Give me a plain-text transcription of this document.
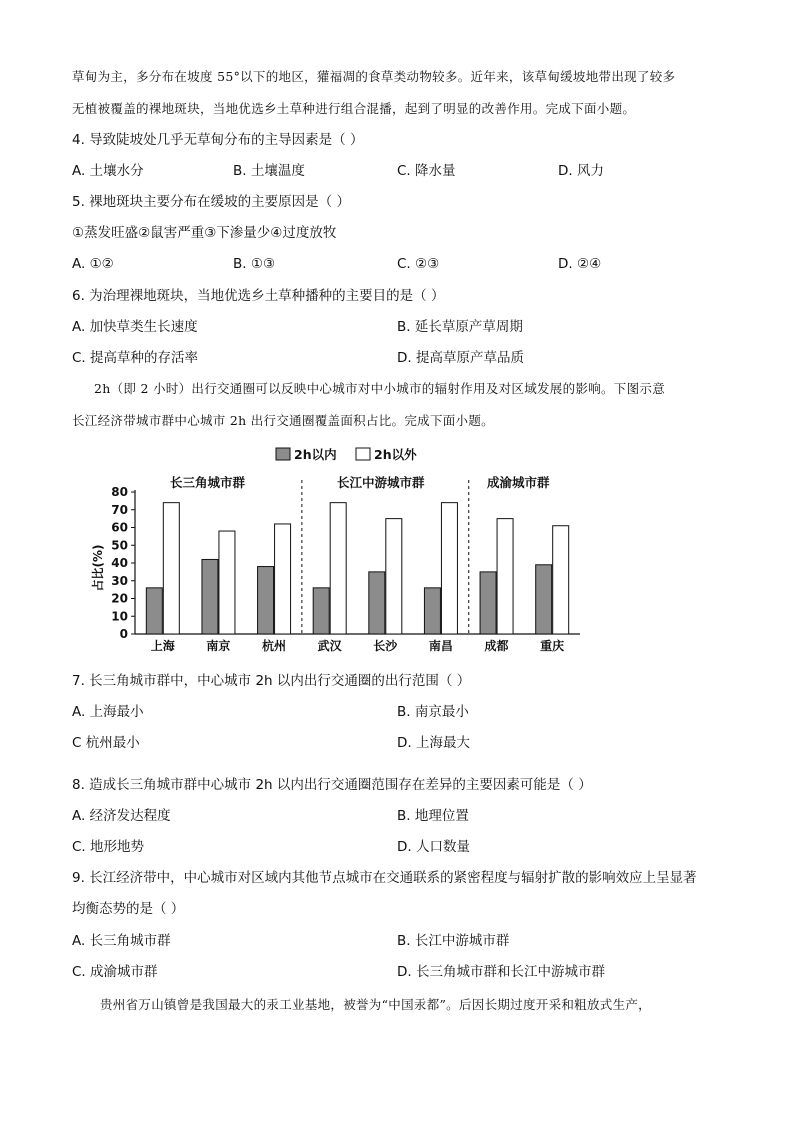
草甸为主，多分布在坡度 55°以下的地区，獾福凋的食草类动物较多。近年来，该草甸缓坡地带出现了较多
无植被覆盖的裸地斑块，当地优选乡土草种进行组合混播，起到了明显的改善作用。完成下面小题。
4. 导致陡坡处几乎无草甸分布的主导因素是（ ）
A. 土壤水分	B. 土壤温度	C. 降水量	D. 风力
5. 裸地斑块主要分布在缓坡的主要原因是（ ）
①蒸发旺盛②鼠害严重③下渗量少④过度放牧
A. ①②	B. ①③	C. ②③	D. ②④
6. 为治理裸地斑块，当地优选乡土草种播种的主要目的是（ ）
A. 加快草类生长速度	B. 延长草原产草周期
C. 提高草种的存活率	D. 提高草原产草品质
2h（即 2 小时）出行交通圈可以反映中心城市对中小城市的辐射作用及对区域发展的影响。下图示意
长江经济带城市群中心城市 2h 出行交通圈覆盖面积占比。完成下面小题。
2h以内	2h以外
长三角城市群	长江中游城市群	成渝城市群
占比(%)
0
10
20
30
40
50
60
70
80
上海	南京	杭州	武汉	长沙	南昌	成都	重庆
7. 长三角城市群中，中心城市 2h 以内出行交通圈的出行范围（ ）
A. 上海最小	B. 南京最小
C 杭州最小	D. 上海最大
8. 造成长三角城市群中心城市 2h 以内出行交通圈范围存在差异的主要因素可能是（ ）
A. 经济发达程度	B. 地理位置
C. 地形地势	D. 人口数量
9. 长江经济带中，中心城市对区域内其他节点城市在交通联系的紧密程度与辐射扩散的影响效应上呈显著
均衡态势的是（ ）
A. 长三角城市群	B. 长江中游城市群
C. 成渝城市群	D. 长三角城市群和长江中游城市群
贵州省万山镇曾是我国最大的汞工业基地，被誉为“中国汞都”。后因长期过度开采和粗放式生产，
